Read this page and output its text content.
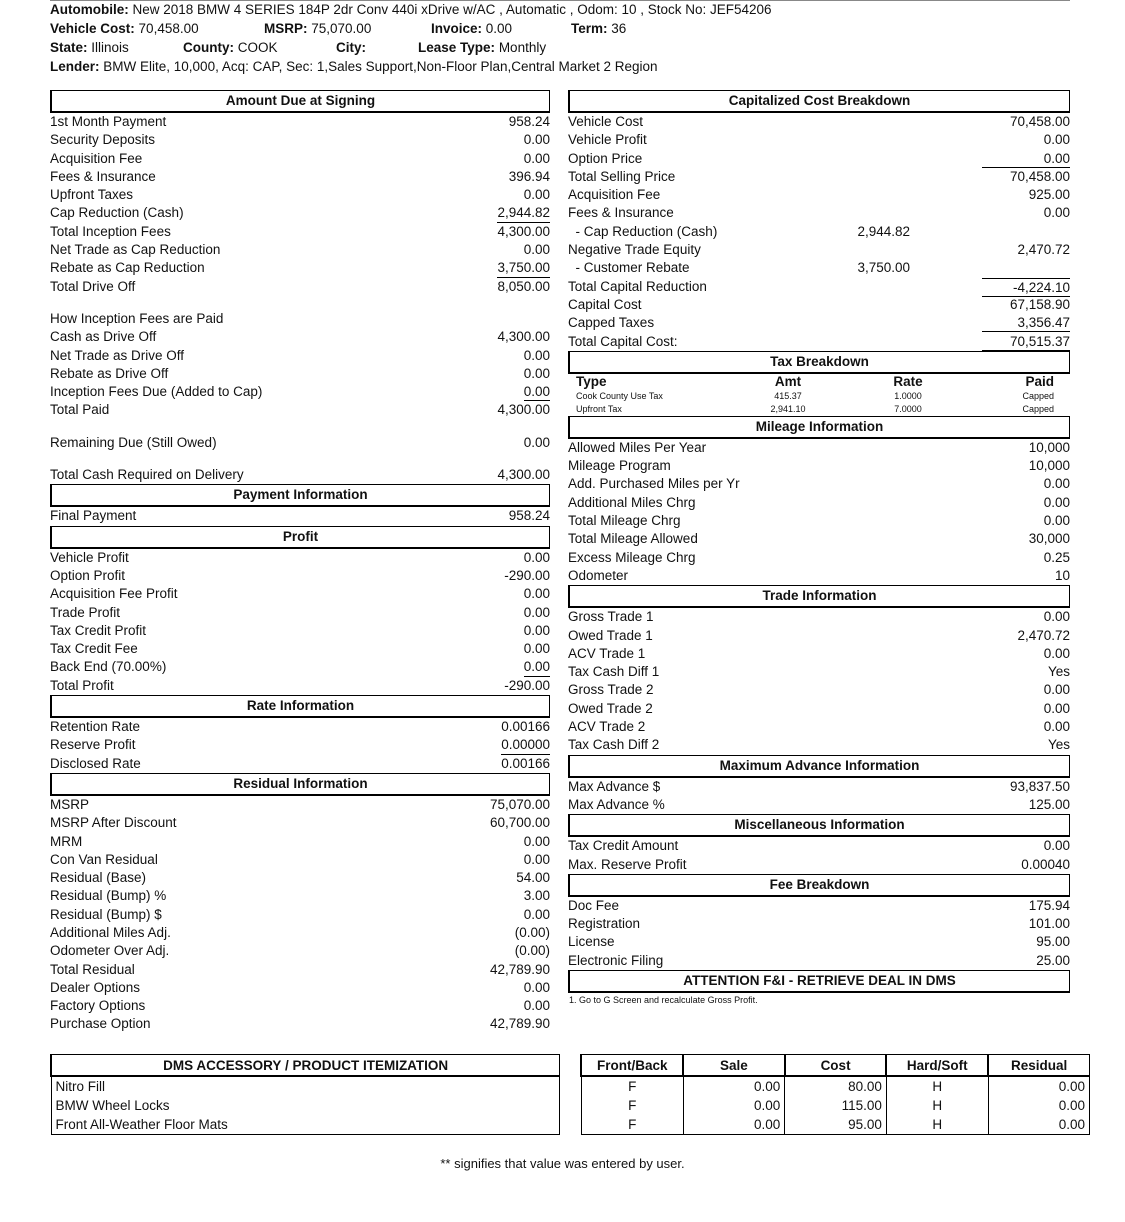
Automobile: New 2018 BMW 4 SERIES 184P 2dr Conv 440i xDrive w/AC , Automatic , Odom: 10 , Stock No: JEF54206
Vehicle Cost: 70,458.00	MSRP: 75,070.00	Invoice: 0.00	Term: 36
State: Illinois	County: COOK	City:	Lease Type: Monthly
Lender: BMW Elite, 10,000, Acq: CAP, Sec: 1,Sales Support,Non-Floor Plan,Central Market 2 Region
Amount Due at Signing
1st Month Payment	958.24
Security Deposits	0.00
Acquisition Fee	0.00
Fees & Insurance	396.94
Upfront Taxes	0.00
Cap Reduction (Cash)	2,944.82
Total Inception Fees	4,300.00
Net Trade as Cap Reduction	0.00
Rebate as Cap Reduction	3,750.00
Total Drive Off	8,050.00
How Inception Fees are Paid
Cash as Drive Off	4,300.00
Net Trade as Drive Off	0.00
Rebate as Drive Off	0.00
Inception Fees Due (Added to Cap)	0.00
Total Paid	4,300.00
Remaining Due (Still Owed)	0.00
Total Cash Required on Delivery	4,300.00
Payment Information
Final Payment	958.24
Profit
Vehicle Profit	0.00
Option Profit	-290.00
Acquisition Fee Profit	0.00
Trade Profit	0.00
Tax Credit Profit	0.00
Tax Credit Fee	0.00
Back End (70.00%)	0.00
Total Profit	-290.00
Rate Information
Retention Rate	0.00166
Reserve Profit	0.00000
Disclosed Rate	0.00166
Residual Information
MSRP	75,070.00
MSRP After Discount	60,700.00
MRM	0.00
Con Van Residual	0.00
Residual (Base)	54.00
Residual (Bump) %	3.00
Residual (Bump) $	0.00
Additional Miles Adj.	(0.00)
Odometer Over Adj.	(0.00)
Total Residual	42,789.90
Dealer Options	0.00
Factory Options	0.00
Purchase Option	42,789.90
Capitalized Cost Breakdown
Vehicle Cost	70,458.00
Vehicle Profit	0.00
Option Price	0.00
Total Selling Price	70,458.00
Acquisition Fee	925.00
Fees & Insurance	0.00
- Cap Reduction (Cash)	2,944.82
Negative Trade Equity	2,470.72
- Customer Rebate	3,750.00
Total Capital Reduction	-4,224.10
Capital Cost	67,158.90
Capped Taxes	3,356.47
Total Capital Cost:	70,515.37
Tax Breakdown
Type	Amt	Rate	Paid
Cook County Use Tax	415.37	1.0000	Capped
Upfront Tax	2,941.10	7.0000	Capped
Mileage Information
Allowed Miles Per Year	10,000
Mileage Program	10,000
Add. Purchased Miles per Yr	0.00
Additional Miles Chrg	0.00
Total Mileage Chrg	0.00
Total Mileage Allowed	30,000
Excess Mileage Chrg	0.25
Odometer	10
Trade Information
Gross Trade 1	0.00
Owed Trade 1	2,470.72
ACV Trade 1	0.00
Tax Cash Diff 1	Yes
Gross Trade 2	0.00
Owed Trade 2	0.00
ACV Trade 2	0.00
Tax Cash Diff 2	Yes
Maximum Advance Information
Max Advance $	93,837.50
Max Advance %	125.00
Miscellaneous Information
Tax Credit Amount	0.00
Max. Reserve Profit	0.00040
Fee Breakdown
Doc Fee	175.94
Registration	101.00
License	95.00
Electronic Filing	25.00
ATTENTION F&I - RETRIEVE DEAL IN DMS
1. Go to G Screen and recalculate Gross Profit.
DMS ACCESSORY / PRODUCT ITEMIZATION		Front/Back	Sale	Cost	Hard/Soft	Residual
Nitro Fill		F	0.00	80.00	H	0.00
BMW Wheel Locks		F	0.00	115.00	H	0.00
Front All-Weather Floor Mats		F	0.00	95.00	H	0.00
** signifies that value was entered by user.
